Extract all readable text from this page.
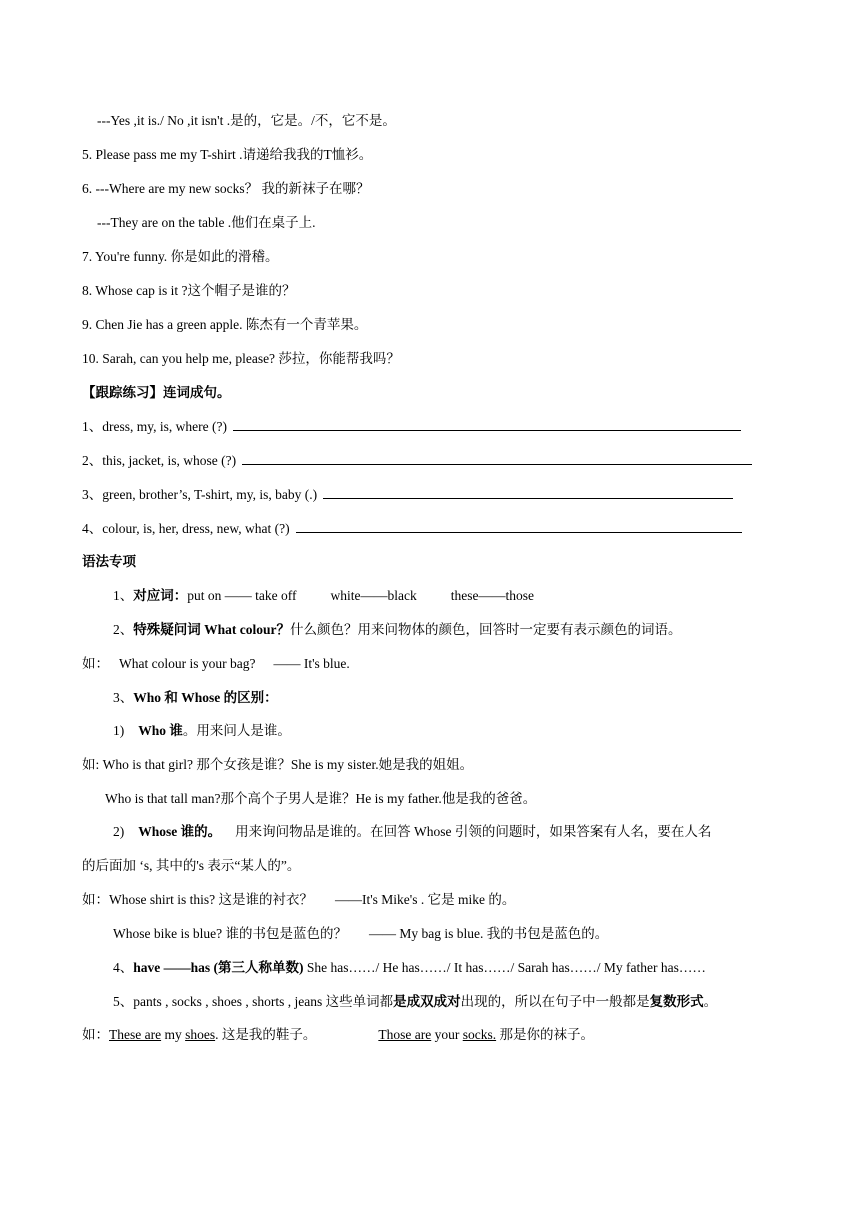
---Yes ,it is./ No ,it isn't .是的，它是。/不，它不是。
5. Please pass me my T-shirt .请递给我我的T恤衫。
6. ---Where are my new socks？ 我的新袜子在哪？
---They are on the table .他们在桌子上.
7. You're funny. 你是如此的滑稽。
8. Whose cap is it ?这个帽子是谁的？
9. Chen Jie has a green apple. 陈杰有一个青苹果。
10. Sarah, can you help me, please? 莎拉，你能帮我吗？
【跟踪练习】连词成句。
1、dress, my, is, where (?)
2、this, jacket, is, whose (?)
3、green, brother’s, T-shirt, my, is, baby (.)
4、colour, is, her, dress, new, what (?)
语法专项
1、对应词：put on —— take off	white——black	these——those
2、特殊疑问词 What colour？什么颜色？用来问物体的颜色，回答时一定要有表示颜色的词语。
如： What colour is your bag? —— It's blue.
3、Who 和 Whose 的区别：
1) Who 谁。用来问人是谁。
如: Who is that girl? 那个女孩是谁？She is my sister.她是我的姐姐。
Who is that tall man?那个高个子男人是谁？He is my father.他是我的爸爸。
2) Whose 谁的。 用来询问物品是谁的。在回答 Whose 引领的问题时，如果答案有人名，要在人名
的后面加 ‘s, 其中的's 表示“某人的”。
如：Whose shirt is this? 这是谁的衬衣？ ——It's Mike's . 它是 mike 的。
Whose bike is blue? 谁的书包是蓝色的？ —— My bag is blue. 我的书包是蓝色的。
4、have ——has (第三人称单数) She has……/ He has……/ It has……/ Sarah has……/ My father has……
5、pants , socks , shoes , shorts , jeans 这些单词都是成双成对出现的，所以在句子中一般都是复数形式。
如：These are my shoes. 这是我的鞋子。	Those are your socks. 那是你的袜子。
